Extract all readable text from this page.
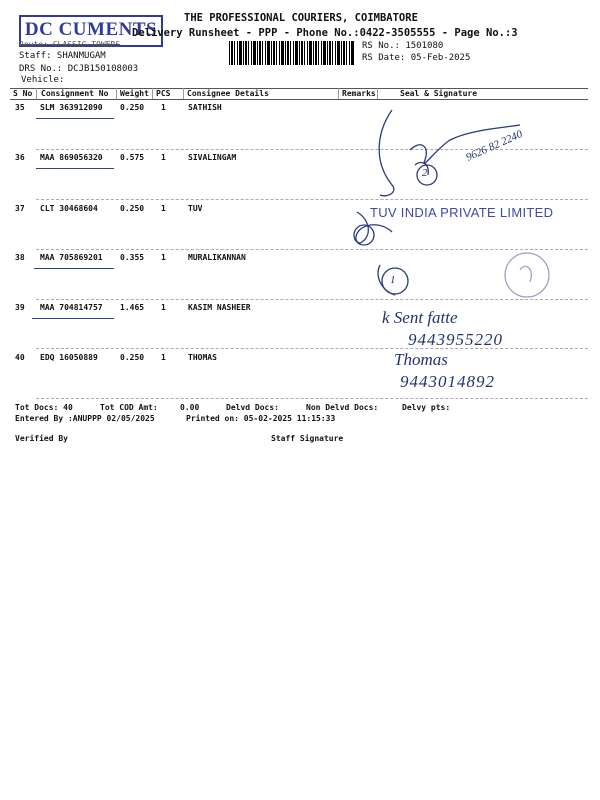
THE PROFESSIONAL COURIERS, COIMBATORE
DC CUMENTS
Delivery Runsheet - PPP - Phone No.:0422-3505555 - Page No.:3
Route: CLASSIC TOWERS
Staff: SHANMUGAM
DRS No.: DCJB150108003
Vehicle:
RS No.: 1501080
RS Date: 05-Feb-2025
S No Consignment No Weight PCS Consignee Details	Remarks	Seal & Signature
35 SLM 363912090 0.250 1	SATHISH
36 MAA 869056320 0.575 1	SIVALINGAM
37 CLT 30468604	0.250 1	TUV
38 MAA 705869201 0.355 1	MURALIKANNAN
39 MAA 704814757 1.465 1	KASIM NASHEER
40 EDQ 16050889	0.250 1	THOMAS
9626 82 2240
2
TUV INDIA PRIVATE LIMITED
1
k Sent fatte
9443955220
Thomas
9443014892
Tot Docs: 40	Tot COD Amt:	0.00	Delvd Docs:	Non Delvd Docs:	Delvy pts:
Entered By :ANUPPP 02/05/2025	Printed on: 05-02-2025 11:15:33
Verified By	Staff Signature
